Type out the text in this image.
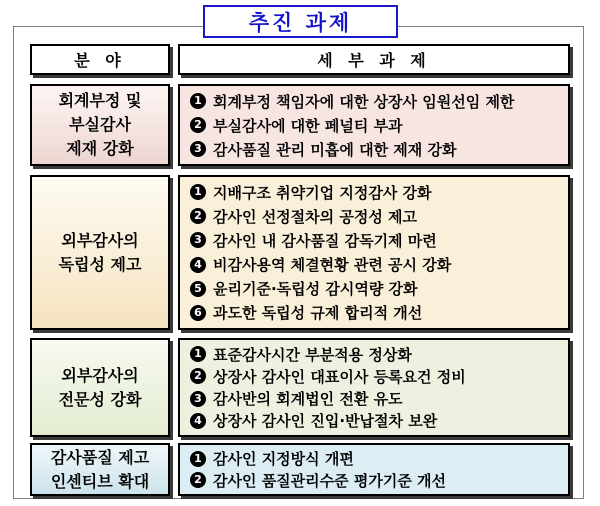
추진 과제
분 야	세 부 과 제
회계부정 및
부실감사
제재 강화
1 회계부정 책임자에 대한 상장사 임원선임 제한
2 부실감사에 대한 페널티 부과
3 감사품질 관리 미흡에 대한 제재 강화
외부감사의
독립성 제고
1 지배구조 취약기업 지정감사 강화
2 감사인 선정절차의 공정성 제고
3 감사인 내 감사품질 감독기제 마련
4 비감사용역 체결현황 관련 공시 강화
5 윤리기준·독립성 감시역량 강화
6 과도한 독립성 규제 합리적 개선
외부감사의
전문성 강화
1 표준감사시간 부분적용 정상화
2 상장사 감사인 대표이사 등록요건 정비
3 감사반의 회계법인 전환 유도
4 상장사 감사인 진입·반납절차 보완
감사품질 제고
인센티브 확대
1 감사인 지정방식 개편
2 감사인 품질관리수준 평가기준 개선
